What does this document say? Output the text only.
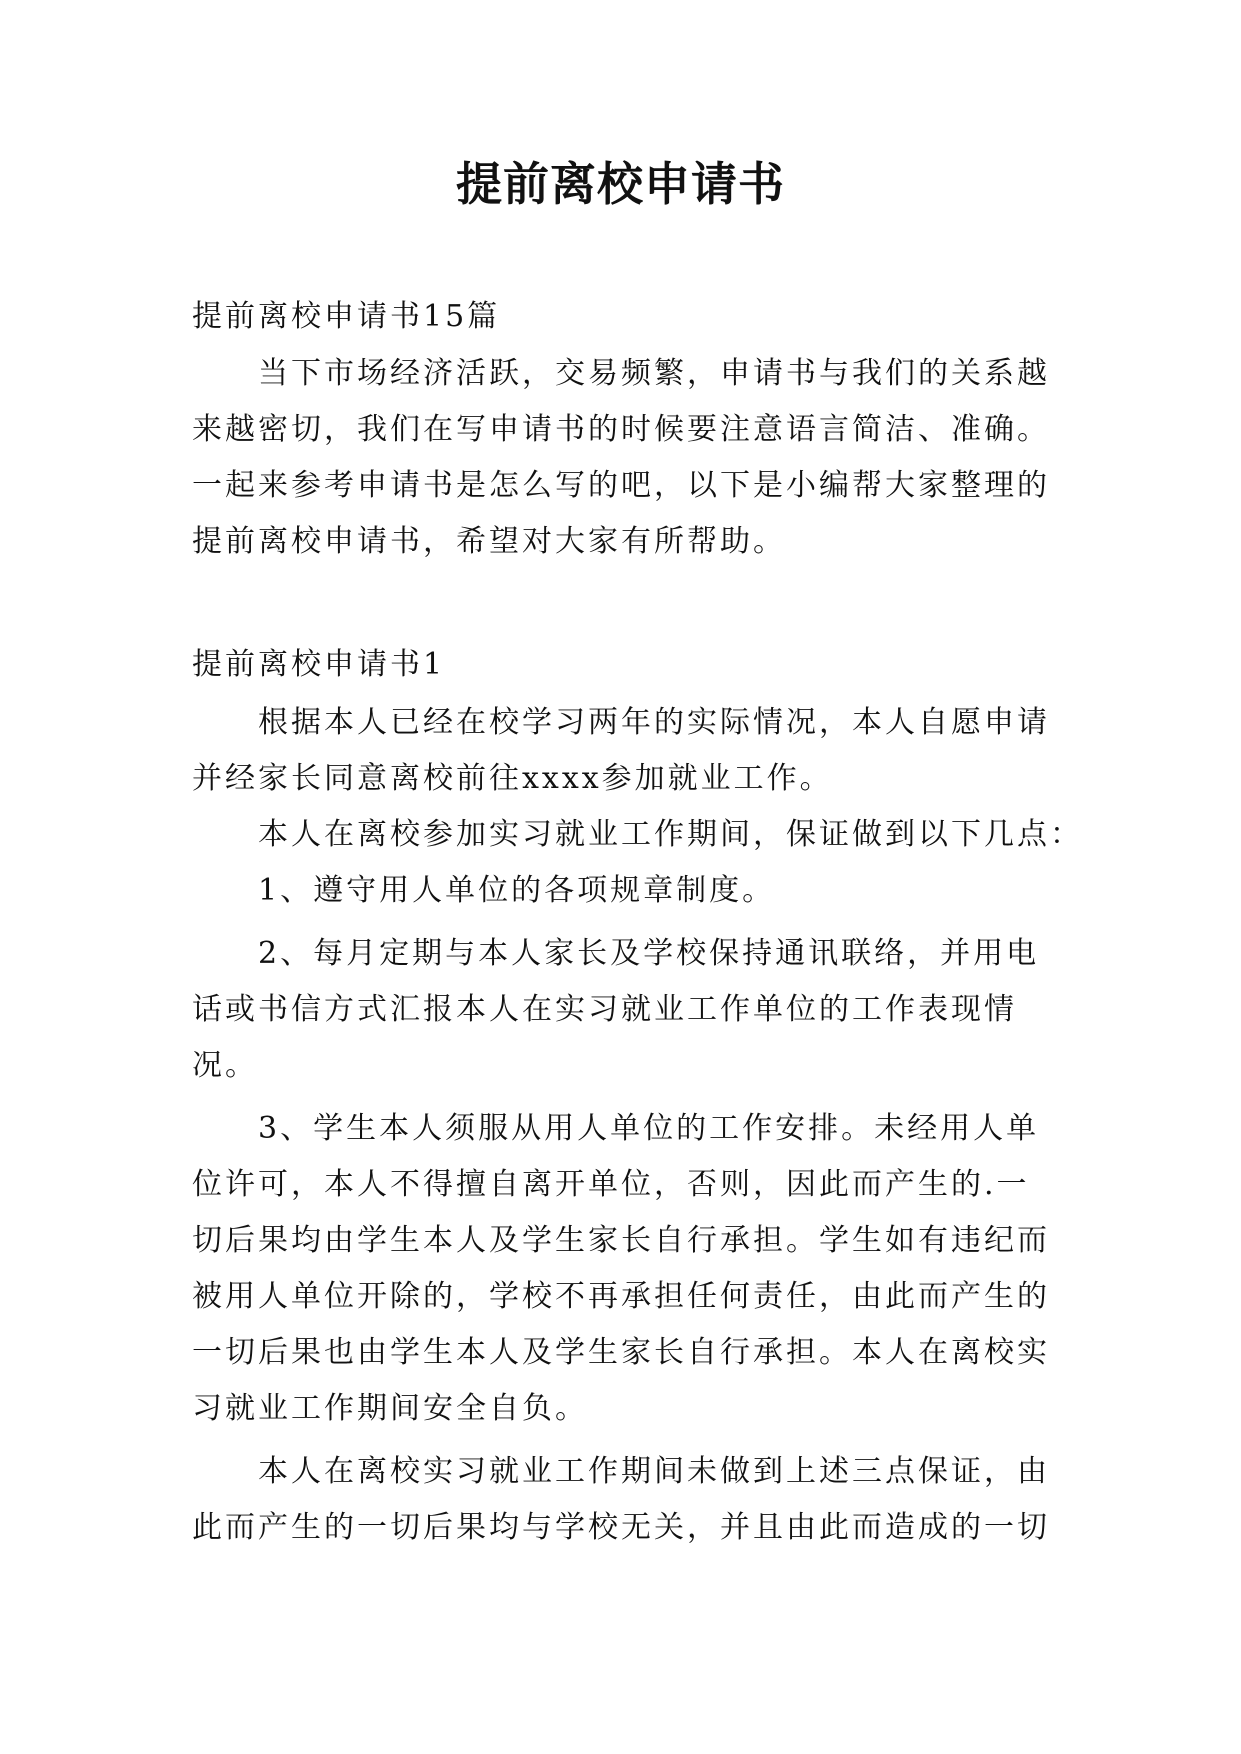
提前离校申请书
提前离校申请书15篇
当下市场经济活跃，交易频繁，申请书与我们的关系越
来越密切，我们在写申请书的时候要注意语言简洁、准确。
一起来参考申请书是怎么写的吧，以下是小编帮大家整理的
提前离校申请书，希望对大家有所帮助。
提前离校申请书1
根据本人已经在校学习两年的实际情况，本人自愿申请
并经家长同意离校前往xxxx参加就业工作。
本人在离校参加实习就业工作期间，保证做到以下几点：
1、遵守用人单位的各项规章制度。
2、每月定期与本人家长及学校保持通讯联络，并用电
话或书信方式汇报本人在实习就业工作单位的工作表现情
况。
3、学生本人须服从用人单位的工作安排。未经用人单
位许可，本人不得擅自离开单位，否则，因此而产生的.一
切后果均由学生本人及学生家长自行承担。学生如有违纪而
被用人单位开除的，学校不再承担任何责任，由此而产生的
一切后果也由学生本人及学生家长自行承担。本人在离校实
习就业工作期间安全自负。
本人在离校实习就业工作期间未做到上述三点保证，由
此而产生的一切后果均与学校无关，并且由此而造成的一切
